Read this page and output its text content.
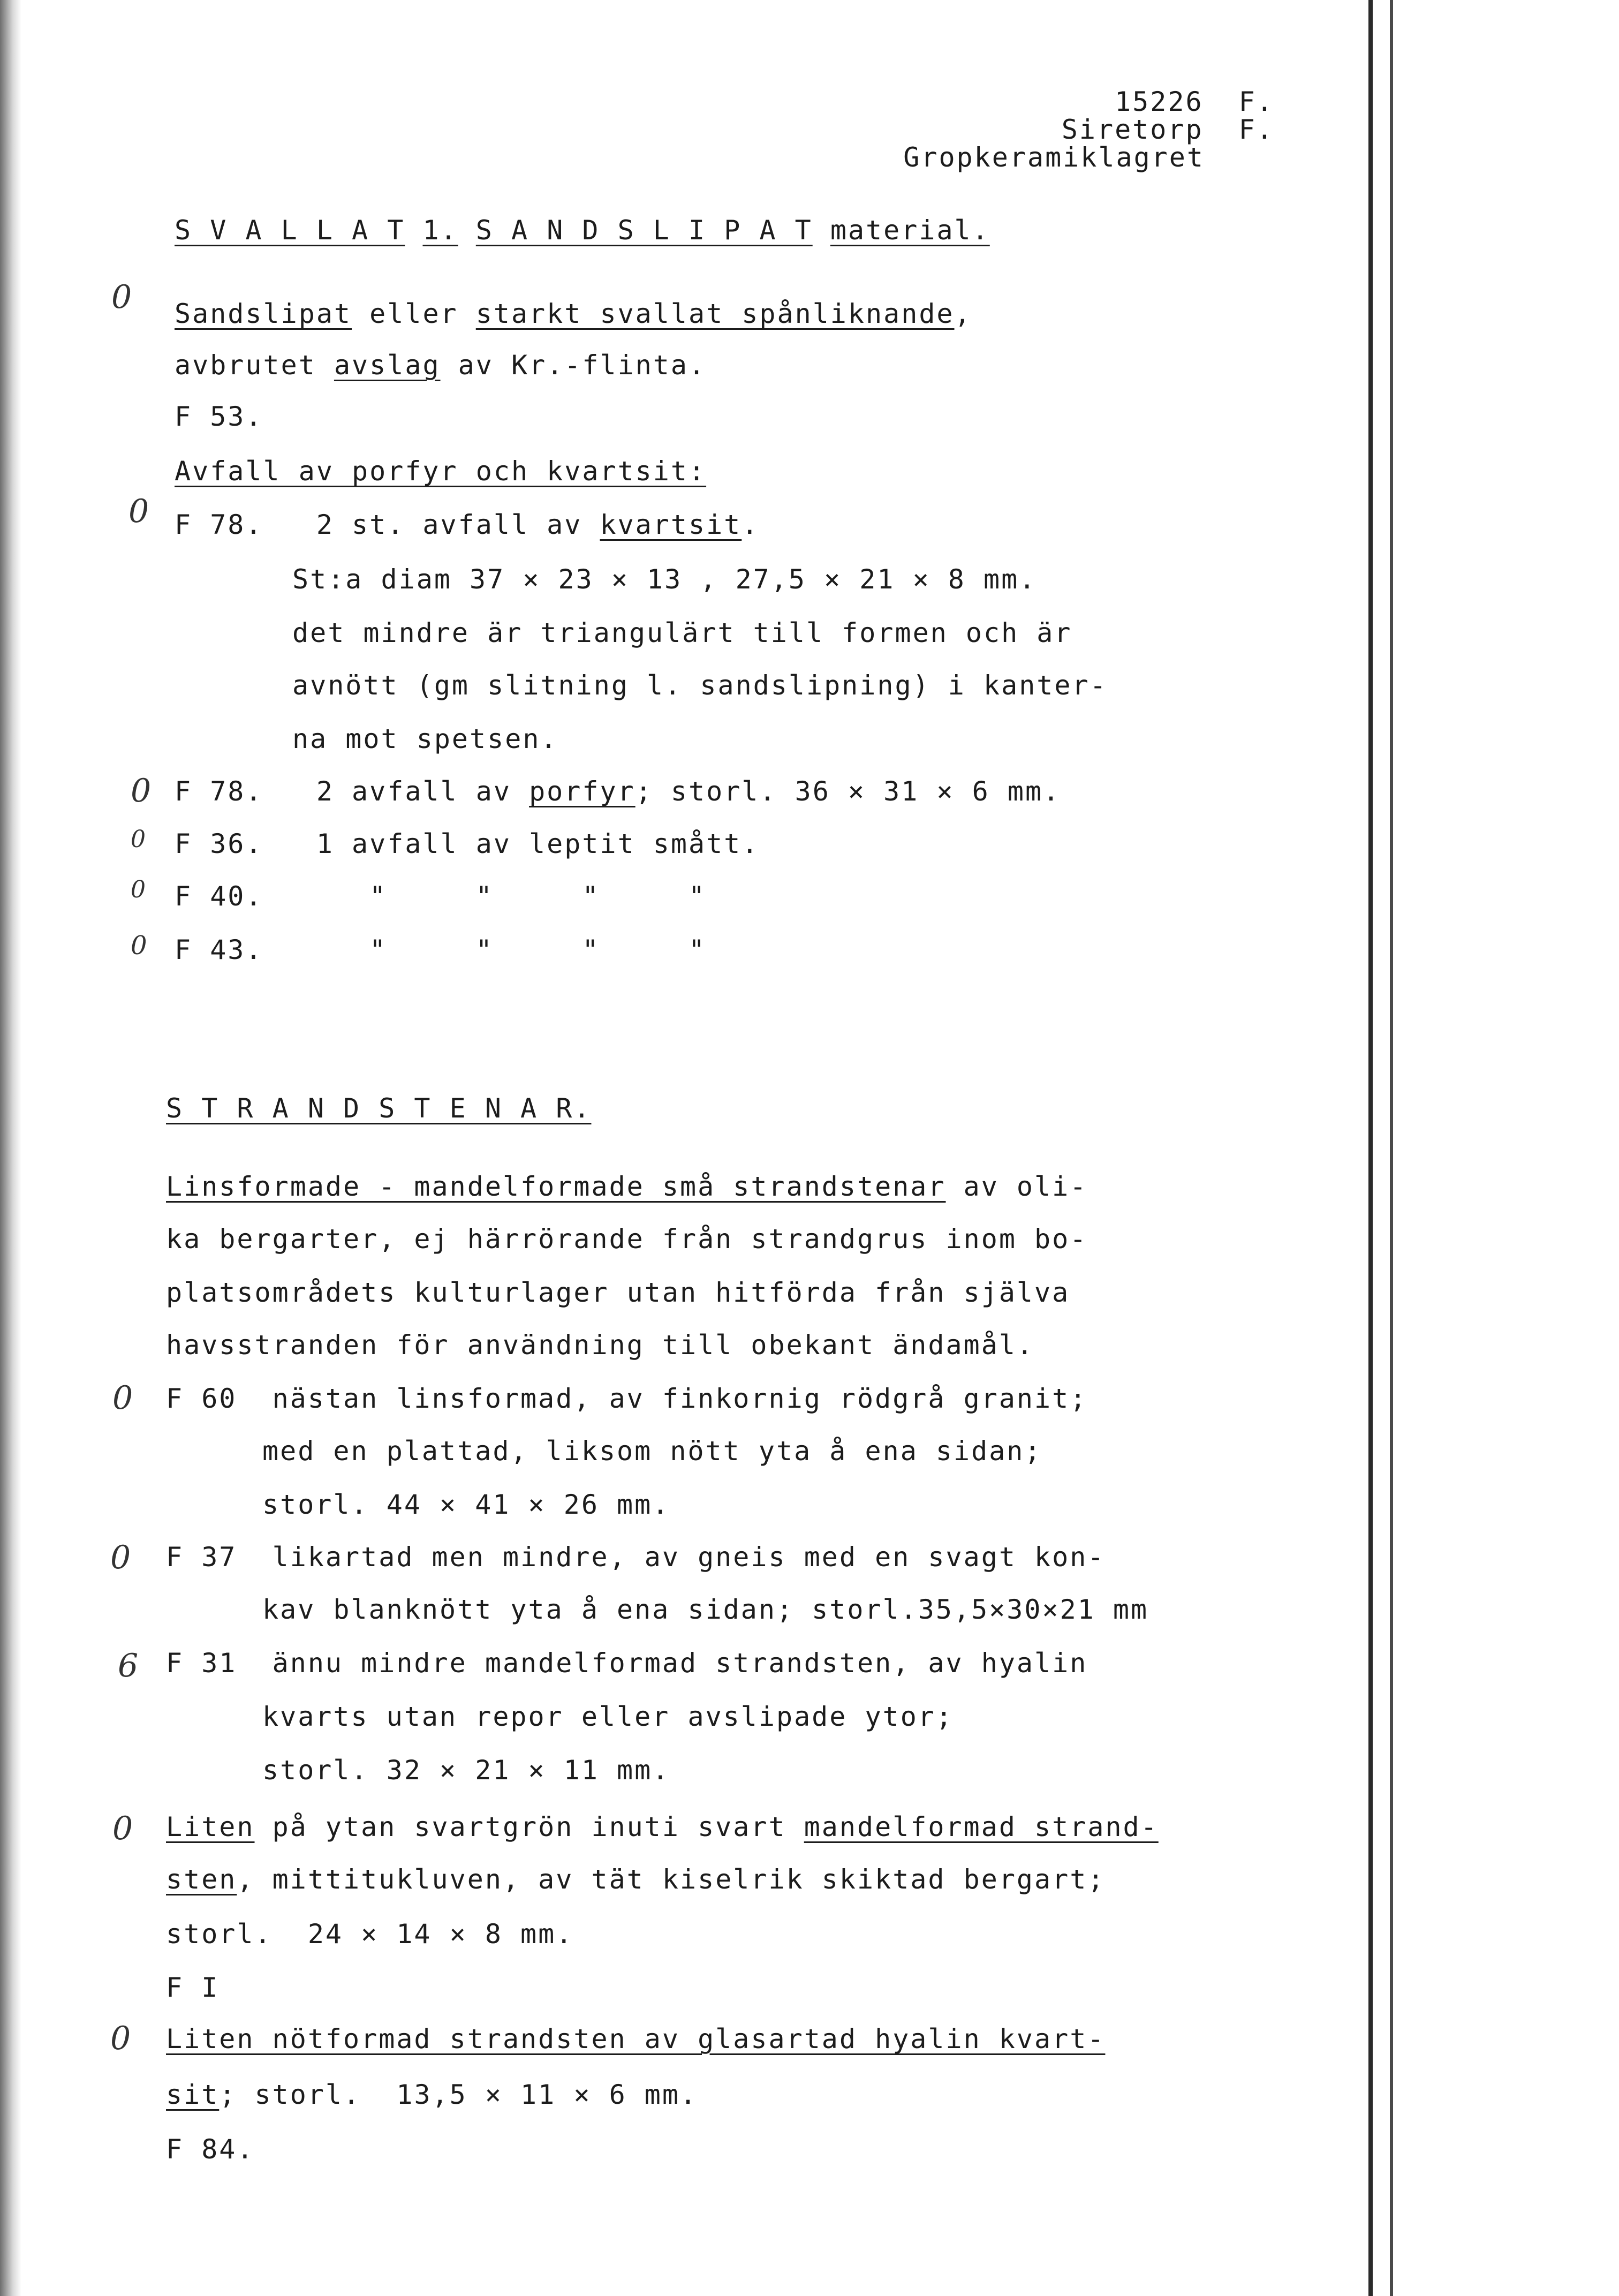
15226  F.
Siretorp  F.
Gropkeramiklagret
S V A L L A T 1. S A N D S L I P A T material.
0 Sandslipat eller starkt svallat spånliknande,
avbrutet avslag av Kr.-flinta.
F 53.
Avfall av porfyr och kvartsit:
0 F 78.   2 st. avfall av kvartsit.
St:a diam 37 × 23 × 13 , 27,5 × 21 × 8 mm.
det mindre är triangulärt till formen och är
avnött (gm slitning l. sandslipning) i kanter-
na mot spetsen.
0 F 78.   2 avfall av porfyr; storl. 36 × 31 × 6 mm.
0 F 36.   1 avfall av leptit smått.
0 F 40.      "     "     "     "
0 F 43.      "     "     "     "
S T R A N D S T E N A R.
Linsformade - mandelformade små strandstenar av oli-
ka bergarter, ej härrörande från strandgrus inom bo-
platsområdets kulturlager utan hitförda från själva
havsstranden för användning till obekant ändamål.
0 F 60  nästan linsformad, av finkornig rödgrå granit;
med en plattad, liksom nött yta å ena sidan;
storl. 44 × 41 × 26 mm.
0 F 37  likartad men mindre, av gneis med en svagt kon-
kav blanknött yta å ena sidan; storl.35,5×30×21 mm
6 F 31  ännu mindre mandelformad strandsten, av hyalin
kvarts utan repor eller avslipade ytor;
storl. 32 × 21 × 11 mm.
0 Liten på ytan svartgrön inuti svart mandelformad strand-
sten, mittitukluven, av tät kiselrik skiktad bergart;
storl.  24 × 14 × 8 mm.
F I
0 Liten nötformad strandsten av glasartad hyalin kvart-
sit; storl.  13,5 × 11 × 6 mm.
F 84.
